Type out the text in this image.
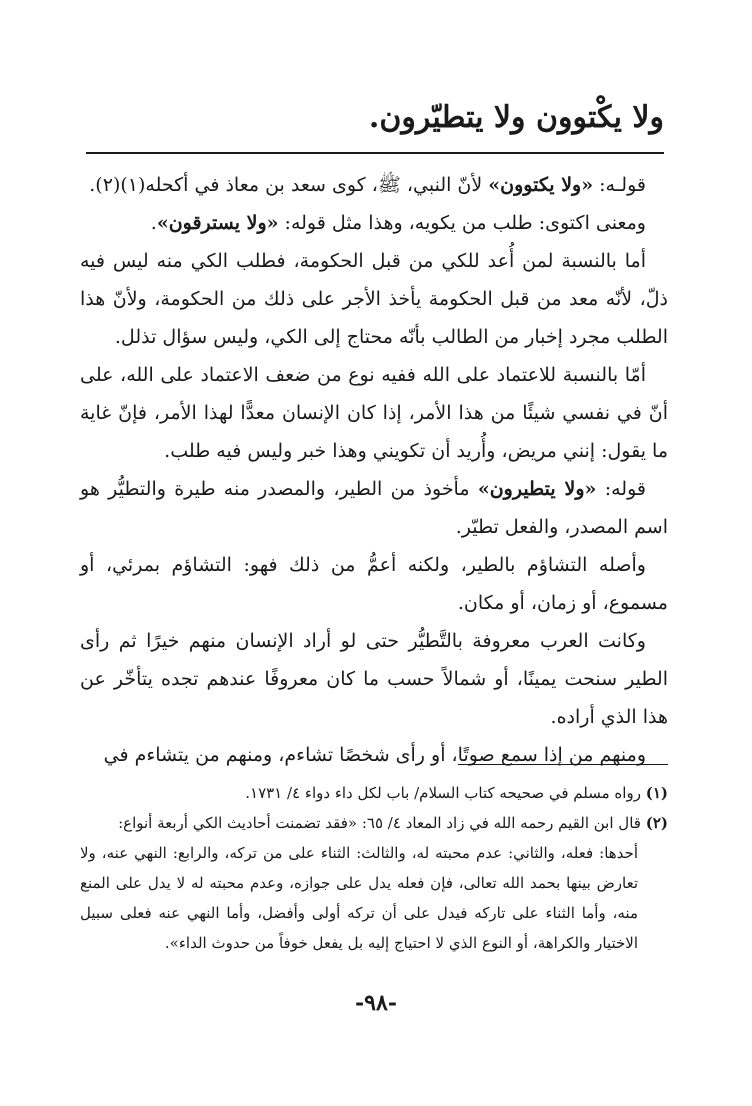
ولا يكْتوون ولا يتطيّرون.

قولـه: «ولا يكتوون» لأنّ النبي، ﷺ، كوى سعد بن معاذ في أكحله(١)(٢).

ومعنى اكتوى: طلب من يكويه، وهذا مثل قوله: «ولا يسترقون».

أما بالنسبة لمن أُعد للكي من قبل الحكومة، فطلب الكي منه ليس فيه ذلّ، لأنّه معد من قبل الحكومة يأخذ الأجر على ذلك من الحكومة، ولأنّ هذا الطلب مجرد إخبار من الطالب بأنّه محتاج إلى الكي، وليس سؤال تذلل.

أمّا بالنسبة للاعتماد على الله ففيه نوع من ضعف الاعتماد على الله، على أنّ في نفسي شيئًا من هذا الأمر، إذا كان الإنسان معدًّا لهذا الأمر، فإنّ غاية ما يقول: إنني مريض، وأُريد أن تكويني وهذا خبر وليس فيه طلب.

قوله: «ولا يتطيرون» مأخوذ من الطير، والمصدر منه طيرة والتطيُّر هو اسم المصدر، والفعل تطيّر.

وأصله التشاؤم بالطير، ولكنه أعمُّ من ذلك فهو: التشاؤم بمرئي، أو مسموع، أو زمان، أو مكان.

وكانت العرب معروفة بالتَّطيُّر حتى لو أراد الإنسان منهم خيرًا ثم رأى الطير سنحت يمينًا، أو شمالاً حسب ما كان معروفًا عندهم تجده يتأخّر عن هذا الذي أراده.

ومنهم من إذا سمع صوتًا، أو رأى شخصًا تشاءم، ومنهم من يتشاءم في

(١) رواه مسلم في صحيحه كتاب السلام/ باب لكل داء دواء ٤/ ١٧٣١.

(٢) قال ابن القيم رحمه الله في زاد المعاد ٤/ ٦٥: «فقد تضمنت أحاديث الكي أربعة أنواع:

أحدها: فعله، والثاني: عدم محبته له، والثالث: الثناء على من تركه، والرابع: النهي عنه، ولا تعارض بينها بحمد الله تعالى، فإن فعله يدل على جوازه، وعدم محبته له لا يدل على المنع منه، وأما الثناء على تاركه فيدل على أن تركه أولى وأفضل، وأما النهي عنه فعلى سبيل الاختيار والكراهة، أو النوع الذي لا احتياج إليه بل يفعل خوفاً من حدوث الداء».

-٩٨-
